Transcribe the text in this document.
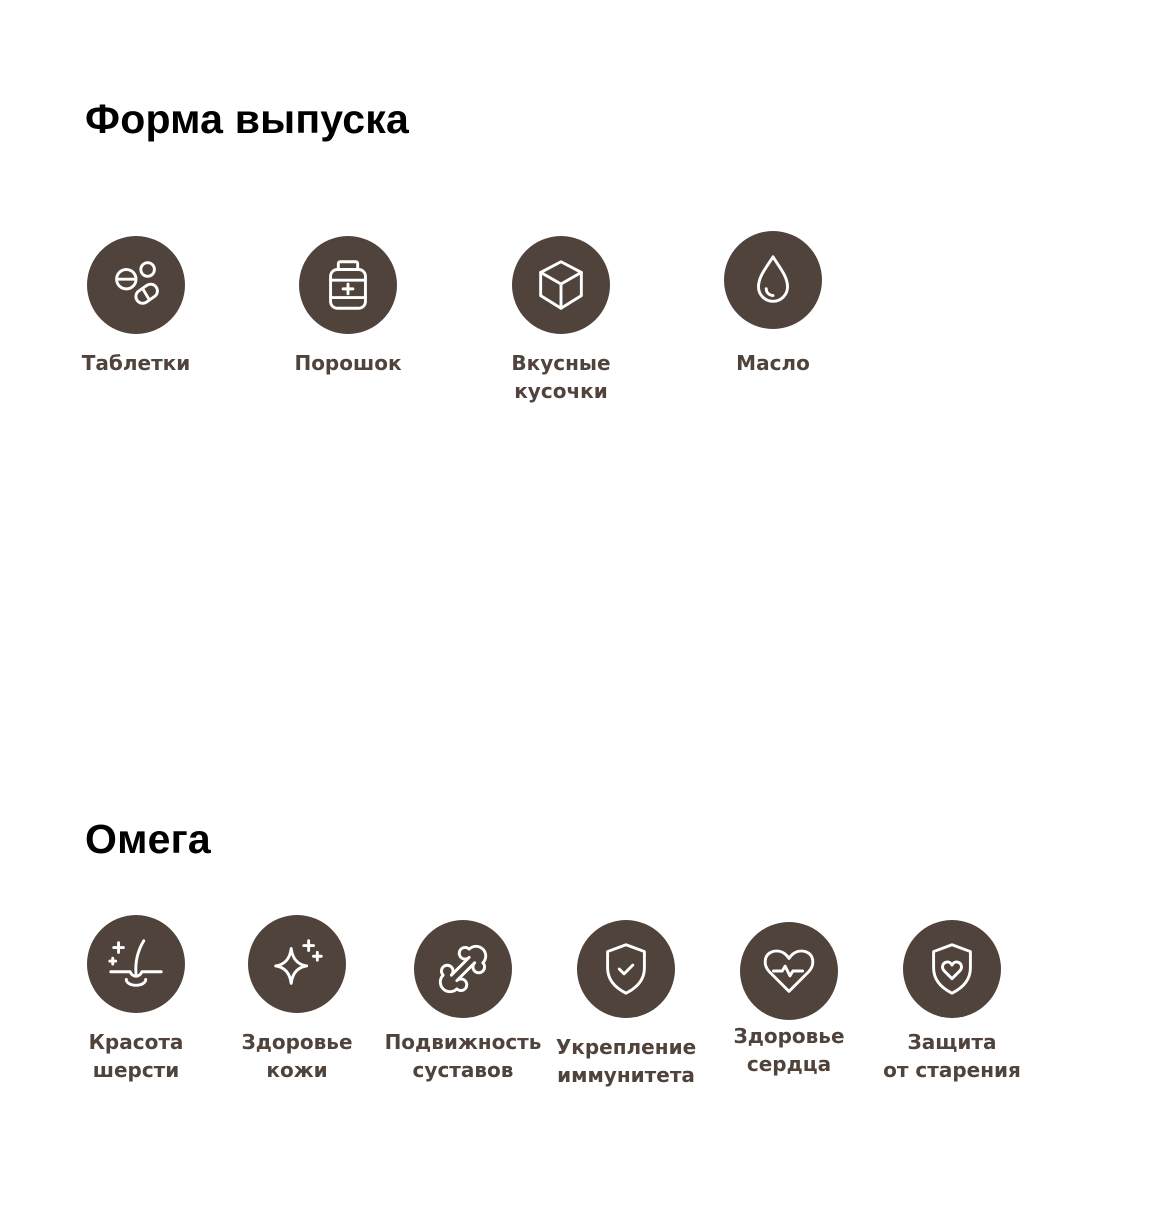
Форма выпуска
Таблетки	Порошок	Вкусные
кусочки
Масло
Омега
Красота
шерсти
Здоровье
кожи
Подвижность
суставов
Укрепление
иммунитета
Здоровье
сердца
Защита
от старения
